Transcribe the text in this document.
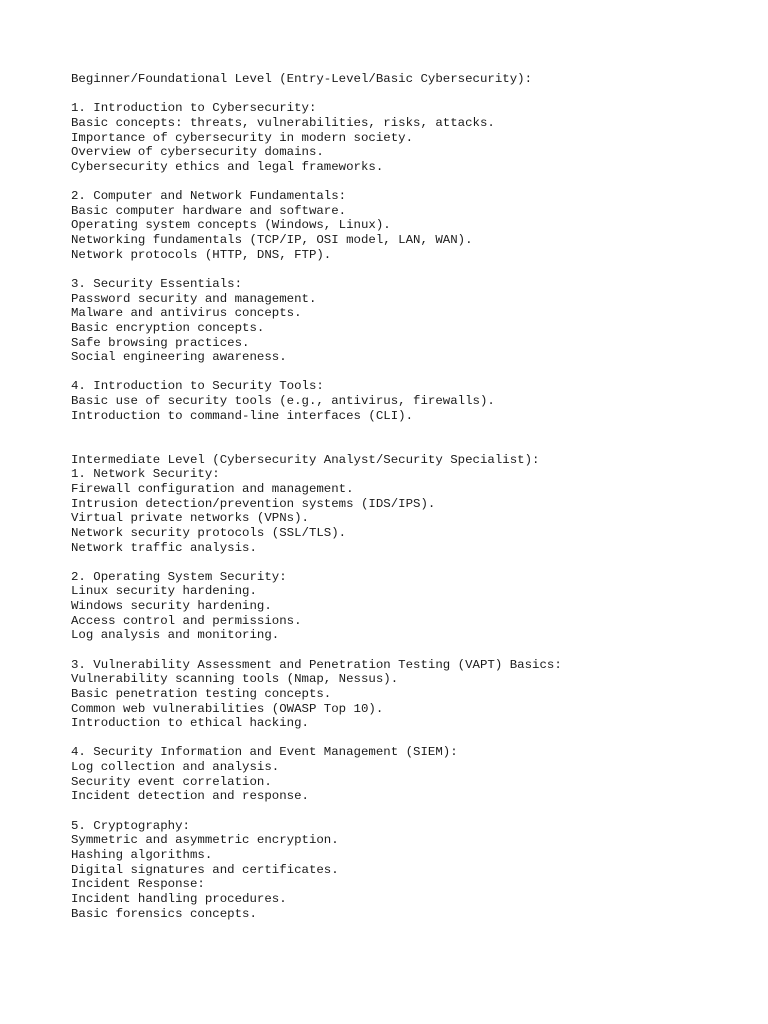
Beginner/Foundational Level (Entry-Level/Basic Cybersecurity):
1. Introduction to Cybersecurity:
Basic concepts: threats, vulnerabilities, risks, attacks.
Importance of cybersecurity in modern society.
Overview of cybersecurity domains.
Cybersecurity ethics and legal frameworks.
2. Computer and Network Fundamentals:
Basic computer hardware and software.
Operating system concepts (Windows, Linux).
Networking fundamentals (TCP/IP, OSI model, LAN, WAN).
Network protocols (HTTP, DNS, FTP).
3. Security Essentials:
Password security and management.
Malware and antivirus concepts.
Basic encryption concepts.
Safe browsing practices.
Social engineering awareness.
4. Introduction to Security Tools:
Basic use of security tools (e.g., antivirus, firewalls).
Introduction to command-line interfaces (CLI).
Intermediate Level (Cybersecurity Analyst/Security Specialist):
1. Network Security:
Firewall configuration and management.
Intrusion detection/prevention systems (IDS/IPS).
Virtual private networks (VPNs).
Network security protocols (SSL/TLS).
Network traffic analysis.
2. Operating System Security:
Linux security hardening.
Windows security hardening.
Access control and permissions.
Log analysis and monitoring.
3. Vulnerability Assessment and Penetration Testing (VAPT) Basics:
Vulnerability scanning tools (Nmap, Nessus).
Basic penetration testing concepts.
Common web vulnerabilities (OWASP Top 10).
Introduction to ethical hacking.
4. Security Information and Event Management (SIEM):
Log collection and analysis.
Security event correlation.
Incident detection and response.
5. Cryptography:
Symmetric and asymmetric encryption.
Hashing algorithms.
Digital signatures and certificates.
Incident Response:
Incident handling procedures.
Basic forensics concepts.
